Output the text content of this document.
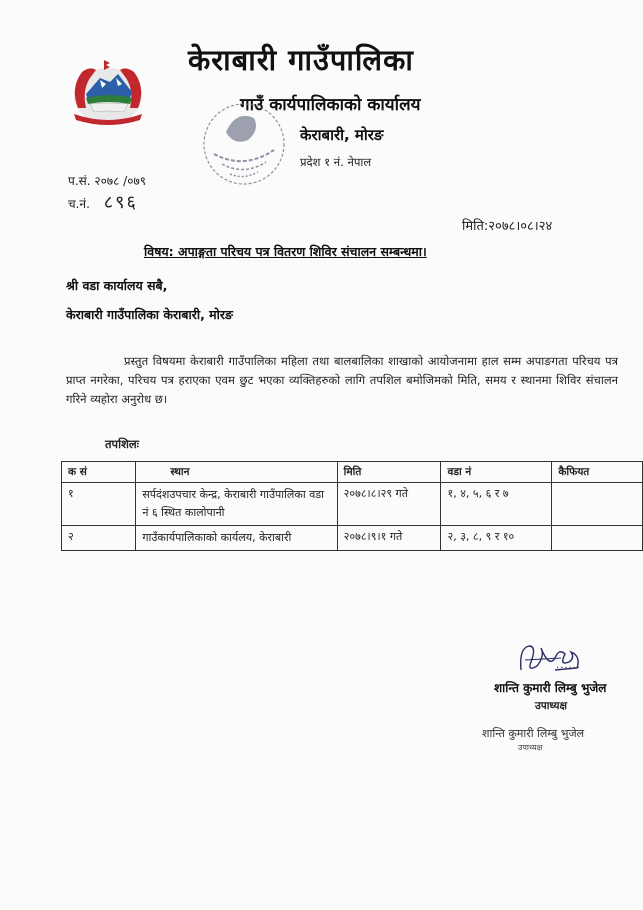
केराबारी गाउँपालिका
गाउँ कार्यपालिकाको कार्यालय
केराबारी, मोरङ
प्रदेश १ नं. नेपाल
प.सं. २०७८ /०७९
च.नं. ८९६
मिति:२०७८।०८।२४
विषय: अपाङ्गता परिचय पत्र वितरण शिविर संचालन सम्बन्धमा।
श्री वडा कार्यालय सबै,
केराबारी गाउँपालिका केराबारी, मोरङ
प्रस्तुत विषयमा केराबारी गाउँपालिका महिला तथा बालबालिका शाखाको आयोजनामा हाल सम्म अपाङगता परिचय पत्र प्राप्त नगरेका, परिचय पत्र हराएका एवम छुट भएका व्यक्तिहरुको लागि तपशिल बमोजिमको मिति, समय र स्थानमा शिविर संचालन गरिने व्यहोरा अनुरोध छ।
तपशिलः
क सं	स्थान	मिति	वडा नं	कैफियत
१	सर्पदंशउपचार केन्द्र, केराबारी गाउँपालिका वडा नं ६ स्थित कालोपानी	२०७८।८।२९ गते	१, ४, ५, ६ र ७	
२	गाउँकार्यपालिकाको कार्यलय, केराबारी	२०७८।९।१ गते	२, ३, ८, ९ र १०	
......
शान्ति कुमारी लिम्बु भुजेल
उपाध्यक्ष
शान्ति कुमारी लिम्बु भुजेल
उपाध्यक्ष
